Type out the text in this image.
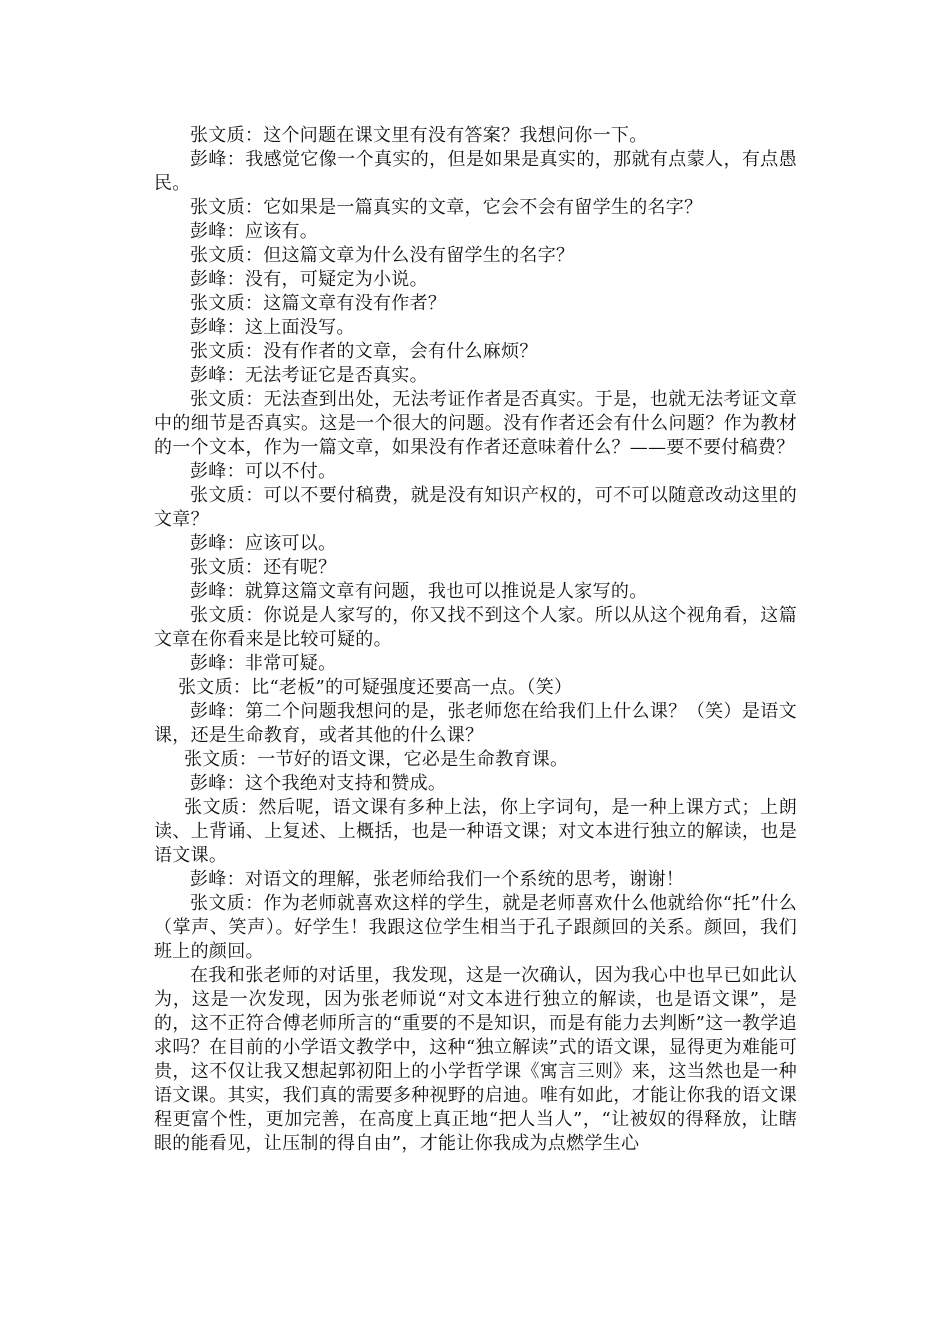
张文质：这个问题在课文里有没有答案？我想问你一下。

彭峰：我感觉它像一个真实的，但是如果是真实的，那就有点蒙人，有点愚民。

张文质：它如果是一篇真实的文章，它会不会有留学生的名字？

彭峰：应该有。

张文质：但这篇文章为什么没有留学生的名字？

彭峰：没有，可疑定为小说。

张文质：这篇文章有没有作者？

彭峰：这上面没写。

张文质：没有作者的文章，会有什么麻烦？

彭峰：无法考证它是否真实。

张文质：无法查到出处，无法考证作者是否真实。于是，也就无法考证文章中的细节是否真实。这是一个很大的问题。没有作者还会有什么问题？作为教材的一个文本，作为一篇文章，如果没有作者还意味着什么？——要不要付稿费？

彭峰：可以不付。

张文质：可以不要付稿费，就是没有知识产权的，可不可以随意改动这里的文章？

彭峰：应该可以。

张文质：还有呢？

彭峰：就算这篇文章有问题，我也可以推说是人家写的。

张文质：你说是人家写的，你又找不到这个人家。所以从这个视角看，这篇文章在你看来是比较可疑的。

彭峰：非常可疑。

张文质：比“老板”的可疑强度还要高一点。（笑）

彭峰：第二个问题我想问的是，张老师您在给我们上什么课？（笑）是语文课，还是生命教育，或者其他的什么课？

张文质：一节好的语文课，它必是生命教育课。

彭峰：这个我绝对支持和赞成。

张文质：然后呢，语文课有多种上法，你上字词句，是一种上课方式；上朗读、上背诵、上复述、上概括，也是一种语文课；对文本进行独立的解读，也是语文课。

彭峰：对语文的理解，张老师给我们一个系统的思考，谢谢！

张文质：作为老师就喜欢这样的学生，就是老师喜欢什么他就给你“托”什么（掌声、笑声）。好学生！我跟这位学生相当于孔子跟颜回的关系。颜回，我们班上的颜回。

在我和张老师的对话里，我发现，这是一次确认，因为我心中也早已如此认为，这是一次发现，因为张老师说“对文本进行独立的解读，也是语文课”，是的，这不正符合傅老师所言的“重要的不是知识，而是有能力去判断”这一教学追求吗？在目前的小学语文教学中，这种“独立解读”式的语文课，显得更为难能可贵，这不仅让我又想起郭初阳上的小学哲学课《寓言三则》来，这当然也是一种语文课。其实，我们真的需要多种视野的启迪。唯有如此，才能让你我的语文课程更富个性，更加完善，在高度上真正地“把人当人”，“让被奴的得释放，让瞎眼的能看见，让压制的得自由”，才能让你我成为点燃学生心
